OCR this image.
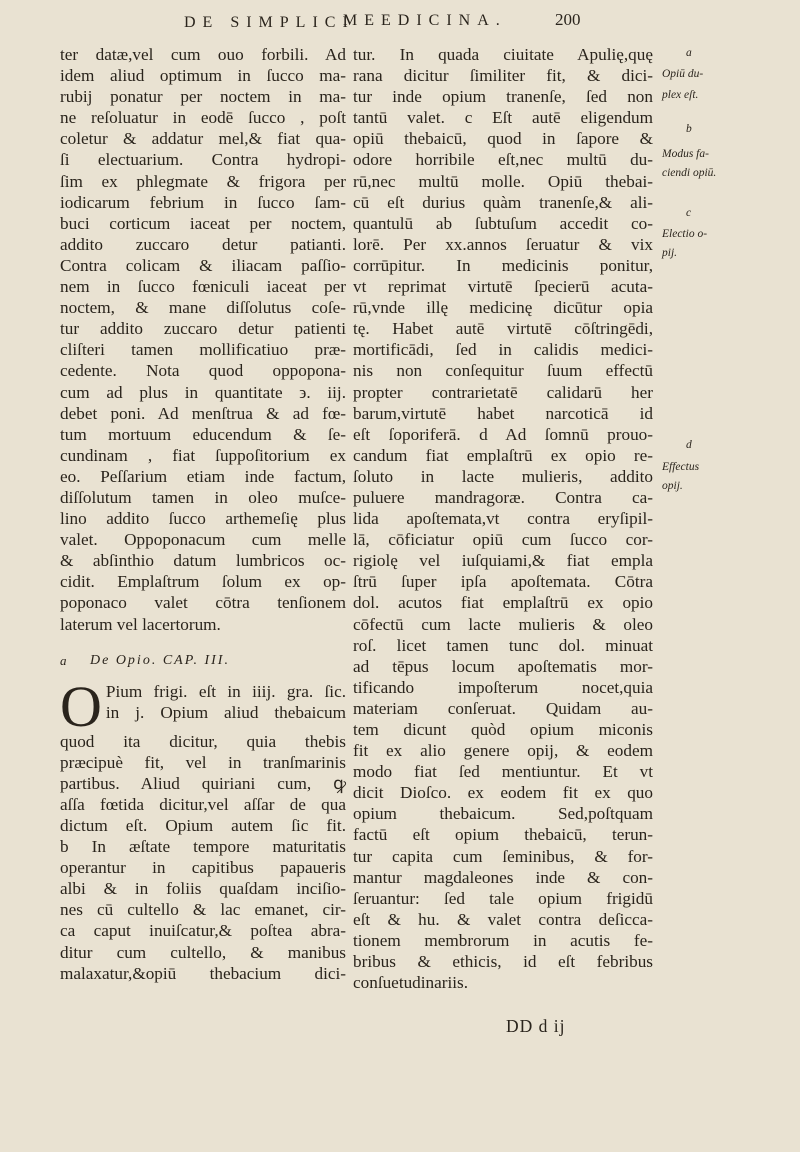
DE SIMPLICI
MEEDICINA.	200
ter datæ,vel cum ouo forbili. Ad
idem aliud optimum in ſucco ma-
rubij ponatur per noctem in ma-
ne reſoluatur in eodē ſucco , poſt
coletur & addatur mel,& fiat qua-
ſi electuarium. Contra hydropi-
ſim ex phlegmate & frigora per
iodicarum febrium in ſucco ſam-
buci corticum iaceat per noctem,
addito zuccaro detur patianti.
Contra colicam & iliacam paſſio-
nem in ſucco fœniculi iaceat per
noctem, & mane diſſolutus coſe-
tur addito zuccaro detur patienti
cliſteri tamen mollificatiuo præ-
cedente. Nota quod oppopona-
cum ad plus in quantitate ϶. iij.
debet poni. Ad menſtrua & ad fœ-
tum mortuum educendum & ſe-
cundinam , fiat ſuppoſitorium ex
eo. Peſſarium etiam inde factum,
diſſolutum tamen in oleo muſce-
lino addito ſucco arthemeſię plus
valet. Oppoponacum cum melle
& abſinthio datum lumbricos oc-
cidit. Emplaſtrum ſolum ex op-
poponaco valet cōtra tenſionem
laterum vel lacertorum.
a De Opio. CAP. III.
O Pium frigi. eſt in iiij. gra. ſic.
in j. Opium aliud thebaicum
quod ita dicitur, quia thebis
præcipuè fit, vel in tranſmarinis
partibus. Aliud quiriani cum, ꝙ
aſſa fœtida dicitur,vel aſſar de qua
dictum eſt. Opium autem ſic fit.
b In æſtate tempore maturitatis
operantur in capitibus papaueris
albi & in foliis quaſdam inciſio-
nes cū cultello & lac emanet, cir-
ca caput inuiſcatur,& poſtea abra-
ditur cum cultello, & manibus
malaxatur,&opiū thebacium dici-
tur. In quada ciuitate Apulię,quę
rana dicitur ſimiliter fit, & dici-
tur inde opium tranenſe, ſed non
tantū valet. c Eſt autē eligendum
opiū thebaicū, quod in ſapore &
odore horribile eſt,nec multū du-
rū,nec multū molle. Opiū thebai-
cū eſt durius quàm tranenſe,& ali-
quantulū ab ſubtuſum accedit co-
lorē. Per xx.annos ſeruatur & vix
corrūpitur. In medicinis ponitur,
vt reprimat virtutē ſpecierū acuta-
rū,vnde illę medicinę dicūtur opia
tę. Habet autē virtutē cōſtringēdi,
mortificādi, ſed in calidis medici-
nis non conſequitur ſuum effectū
propter contrarietatē calidarū her
barum,virtutē habet narcoticā id
eſt ſoporiferā. d Ad ſomnū prouo-
candum fiat emplaſtrū ex opio re-
ſoluto in lacte mulieris, addito
puluere mandragoræ. Contra ca-
lida apoſtemata,vt contra eryſipil-
lā, cōficiatur opiū cum ſucco cor-
rigiolę vel iuſquiami,& fiat empla
ſtrū ſuper ipſa apoſtemata. Cōtra
dol. acutos fiat emplaſtrū ex opio
cōfectū cum lacte mulieris & oleo
roſ. licet tamen tunc dol. minuat
ad tēpus locum apoſtematis mor-
tificando impoſterum nocet,quia
materiam conſeruat. Quidam au-
tem dicunt quòd opium miconis
fit ex alio genere opij, & eodem
modo fiat ſed mentiuntur. Et vt
dicit Dioſco. ex eodem fit ex quo
opium thebaicum. Sed,poſtquam
factū eſt opium thebaicū, terun-
tur capita cum ſeminibus, & for-
mantur magdaleones inde & con-
ſeruantur: ſed tale opium frigidū
eſt & hu. & valet contra deſicca-
tionem membrorum in acutis fe-
bribus & ethicis, id eſt febribus
conſuetudinariis.
a
Opiū du-
plex eſt.
b
Modus fa-
ciendi opiū.
c
Electio o-
pij.
d
Effectus
opij.
DD d ij
